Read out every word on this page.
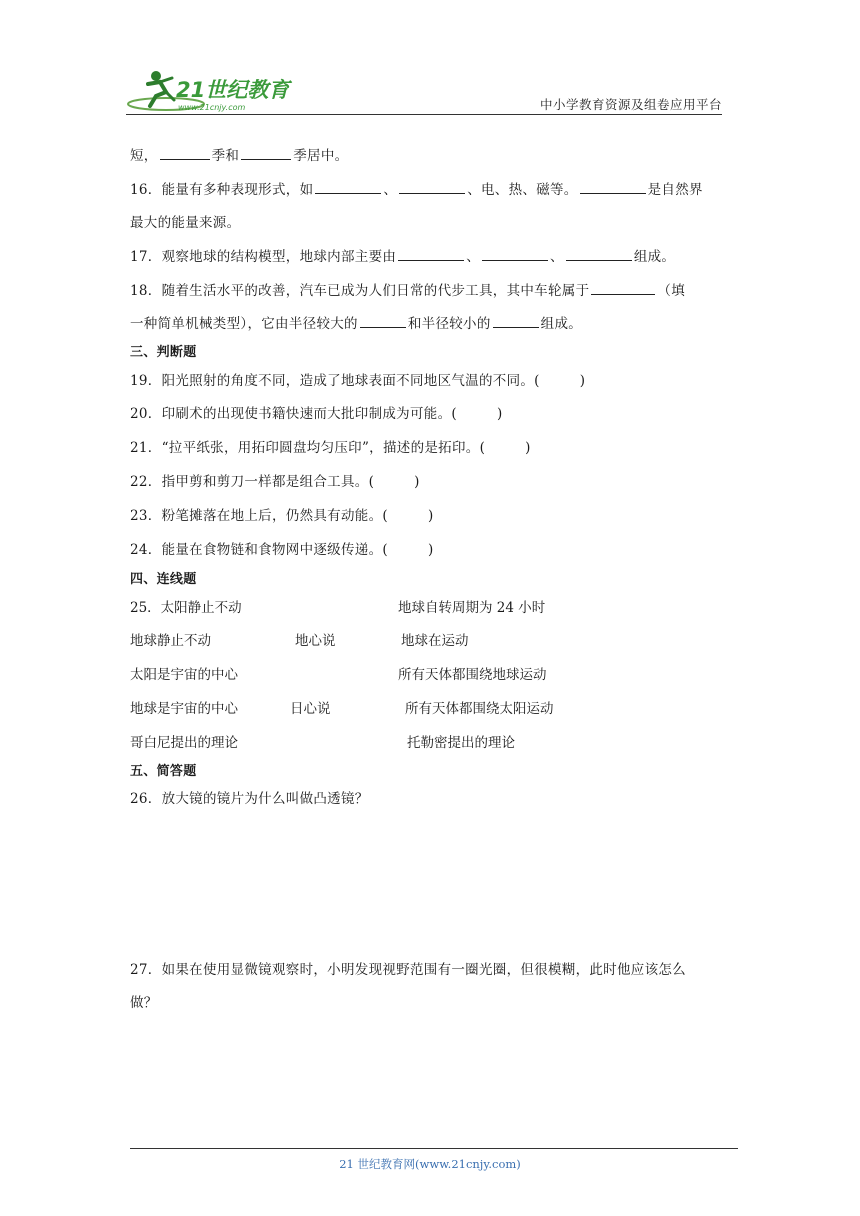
21世纪教育
www.21cnjy.com	中小学教育资源及组卷应用平台
短，	季和	季居中。
16．能量有多种表现形式，如	、	、电、热、磁等。	是自然界
最大的能量来源。
17．观察地球的结构模型，地球内部主要由	、	、	组成。
18．随着生活水平的改善，汽车已成为人们日常的代步工具，其中车轮属于	（填
一种简单机械类型），它由半径较大的	和半径较小的	组成。
三、判断题
19．阳光照射的角度不同，造成了地球表面不同地区气温的不同。(	)
20．印刷术的出现使书籍快速而大批印制成为可能。(	)
21．“拉平纸张，用拓印圆盘均匀压印”，描述的是拓印。(	)
22．指甲剪和剪刀一样都是组合工具。(	)
23．粉笔摊落在地上后，仍然具有动能。(	)
24．能量在食物链和食物网中逐级传递。(	)
四、连线题
25．太阳静止不动	地球自转周期为 24 小时
地球静止不动	地心说	地球在运动
太阳是宇宙的中心	所有天体都围绕地球运动
地球是宇宙的中心	日心说	所有天体都围绕太阳运动
哥白尼提出的理论	托勒密提出的理论
五、简答题
26．放大镜的镜片为什么叫做凸透镜？
27．如果在使用显微镜观察时，小明发现视野范围有一圈光圈，但很模糊，此时他应该怎么
做？
21 世纪教育网(www.21cnjy.com)
